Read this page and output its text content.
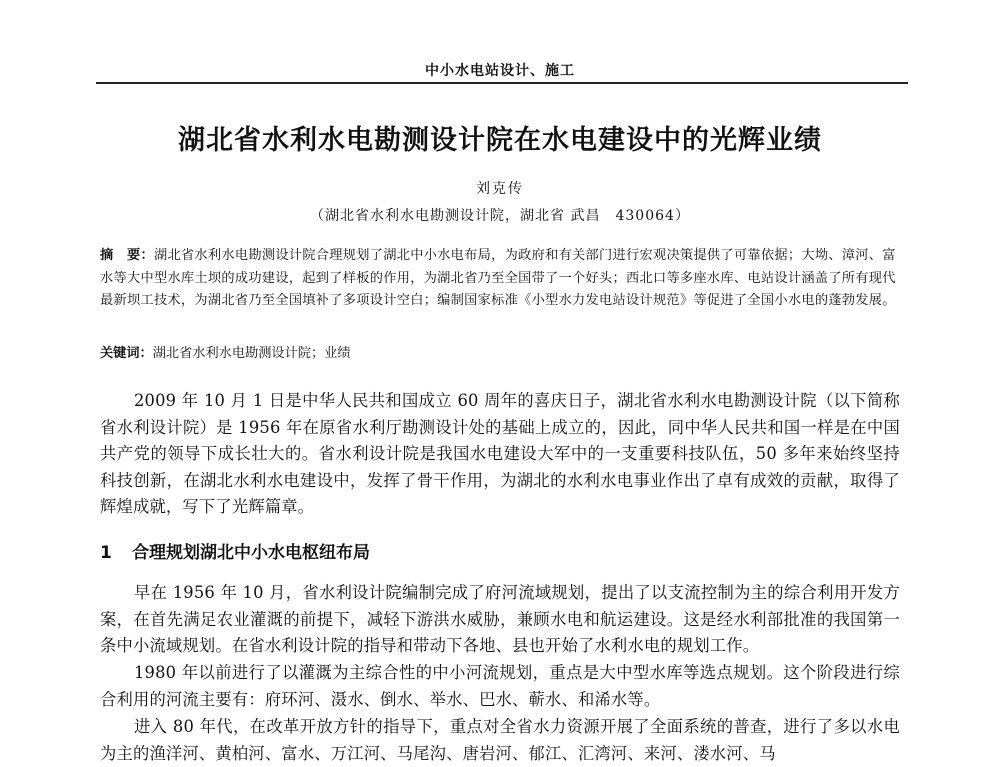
中小水电站设计、施工
湖北省水利水电勘测设计院在水电建设中的光辉业绩
刘克传
（湖北省水利水电勘测设计院，湖北省 武昌　430064）
摘　要：湖北省水利水电勘测设计院合理规划了湖北中小水电布局，为政府和有关部门进行宏观决策提供了可靠依据；大坳、漳河、富水等大中型水库土坝的成功建设，起到了样板的作用，为湖北省乃至全国带了一个好头；西北口等多座水库、电站设计涵盖了所有现代最新坝工技术，为湖北省乃至全国填补了多项设计空白；编制国家标准《小型水力发电站设计规范》等促进了全国小水电的蓬勃发展。
关键词：湖北省水利水电勘测设计院；业绩
2009 年 10 月 1 日是中华人民共和国成立 60 周年的喜庆日子，湖北省水利水电勘测设计院（以下简称省水利设计院）是 1956 年在原省水利厅勘测设计处的基础上成立的，因此，同中华人民共和国一样是在中国共产党的领导下成长壮大的。省水利设计院是我国水电建设大军中的一支重要科技队伍，50 多年来始终坚持科技创新，在湖北水利水电建设中，发挥了骨干作用，为湖北的水利水电事业作出了卓有成效的贡献，取得了辉煌成就，写下了光辉篇章。
1 合理规划湖北中小水电枢纽布局
早在 1956 年 10 月，省水利设计院编制完成了府河流域规划，提出了以支流控制为主的综合利用开发方案，在首先满足农业灌溉的前提下，减轻下游洪水威胁，兼顾水电和航运建设。这是经水利部批准的我国第一条中小流域规划。在省水利设计院的指导和带动下各地、县也开始了水利水电的规划工作。
1980 年以前进行了以灌溉为主综合性的中小河流规划，重点是大中型水库等选点规划。这个阶段进行综合利用的河流主要有：府环河、滠水、倒水、举水、巴水、蕲水、和浠水等。
进入 80 年代，在改革开放方针的指导下，重点对全省水力资源开展了全面系统的普查，进行了多以水电为主的渔洋河、黄柏河、富水、万江河、马尾沟、唐岩河、郁江、汇湾河、来河、溇水河、马
